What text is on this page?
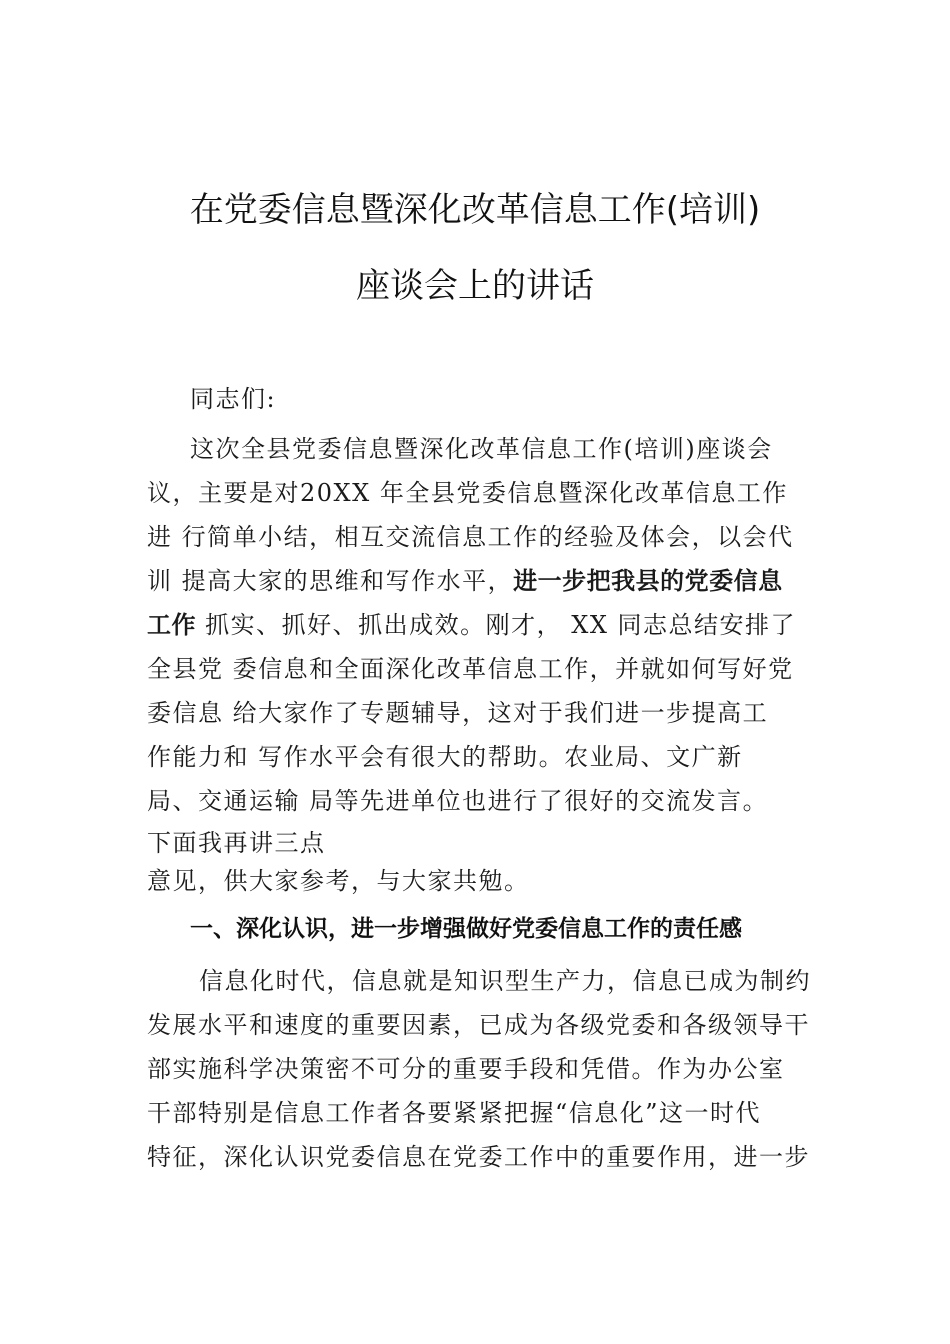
在党委信息暨深化改革信息工作(培训)
座谈会上的讲话
同志们:
这次全县党委信息暨深化改革信息工作(培训)座谈会
议，主要是对20XX 年全县党委信息暨深化改革信息工作
进 行简单小结，相互交流信息工作的经验及体会，以会代
训 提高大家的思维和写作水平，进一步把我县的党委信息
工作 抓实、抓好、抓出成效。刚才， XX 同志总结安排了
全县党 委信息和全面深化改革信息工作，并就如何写好党
委信息 给大家作了专题辅导，这对于我们进一步提高工
作能力和 写作水平会有很大的帮助。农业局、文广新
局、交通运输 局等先进单位也进行了很好的交流发言。
下面我再讲三点
意见，供大家参考，与大家共勉。
一、深化认识，进一步增强做好党委信息工作的责任感
信息化时代，信息就是知识型生产力，信息已成为制约
发展水平和速度的重要因素，已成为各级党委和各级领导干
部实施科学决策密不可分的重要手段和凭借。作为办公室
干部特别是信息工作者各要紧紧把握“信息化”这一时代
特征，深化认识党委信息在党委工作中的重要作用，进一步
